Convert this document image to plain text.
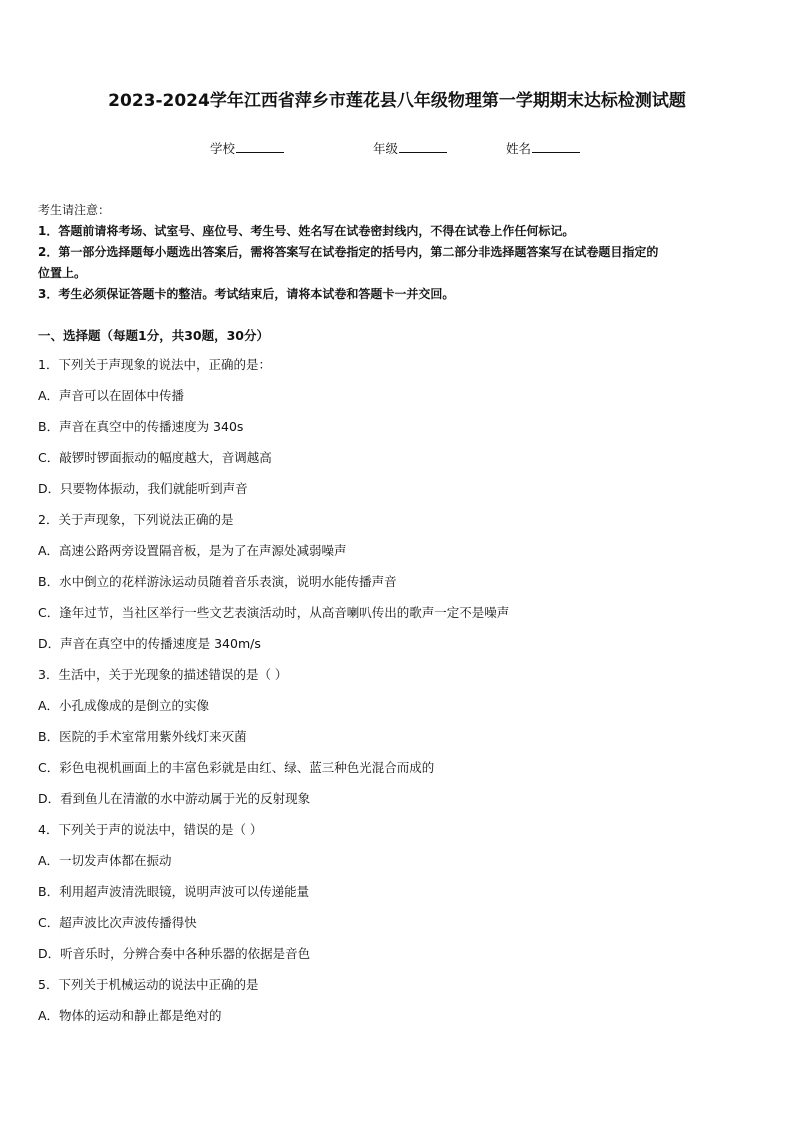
2023-2024学年江西省萍乡市莲花县八年级物理第一学期期末达标检测试题
学校	年级	姓名
考生请注意：
1．答题前请将考场、试室号、座位号、考生号、姓名写在试卷密封线内，不得在试卷上作任何标记。
2．第一部分选择题每小题选出答案后，需将答案写在试卷指定的括号内，第二部分非选择题答案写在试卷题目指定的
位置上。
3．考生必须保证答题卡的整洁。考试结束后，请将本试卷和答题卡一并交回。
一、选择题（每题1分，共30题，30分）
1．下列关于声现象的说法中，正确的是：
A．声音可以在固体中传播
B．声音在真空中的传播速度为 340s
C．敲锣时锣面振动的幅度越大，音调越高
D．只要物体振动，我们就能听到声音
2．关于声现象，下列说法正确的是
A．高速公路两旁设置隔音板，是为了在声源处减弱噪声
B．水中倒立的花样游泳运动员随着音乐表演，说明水能传播声音
C．逢年过节，当社区举行一些文艺表演活动时，从高音喇叭传出的歌声一定不是噪声
D．声音在真空中的传播速度是 340m/s
3．生活中，关于光现象的描述错误的是（ ）
A．小孔成像成的是倒立的实像
B．医院的手术室常用紫外线灯来灭菌
C．彩色电视机画面上的丰富色彩就是由红、绿、蓝三种色光混合而成的
D．看到鱼儿在清澈的水中游动属于光的反射现象
4．下列关于声的说法中，错误的是（ ）
A．一切发声体都在振动
B．利用超声波清洗眼镜，说明声波可以传递能量
C．超声波比次声波传播得快
D．听音乐时，分辨合奏中各种乐器的依据是音色
5．下列关于机械运动的说法中正确的是
A．物体的运动和静止都是绝对的
